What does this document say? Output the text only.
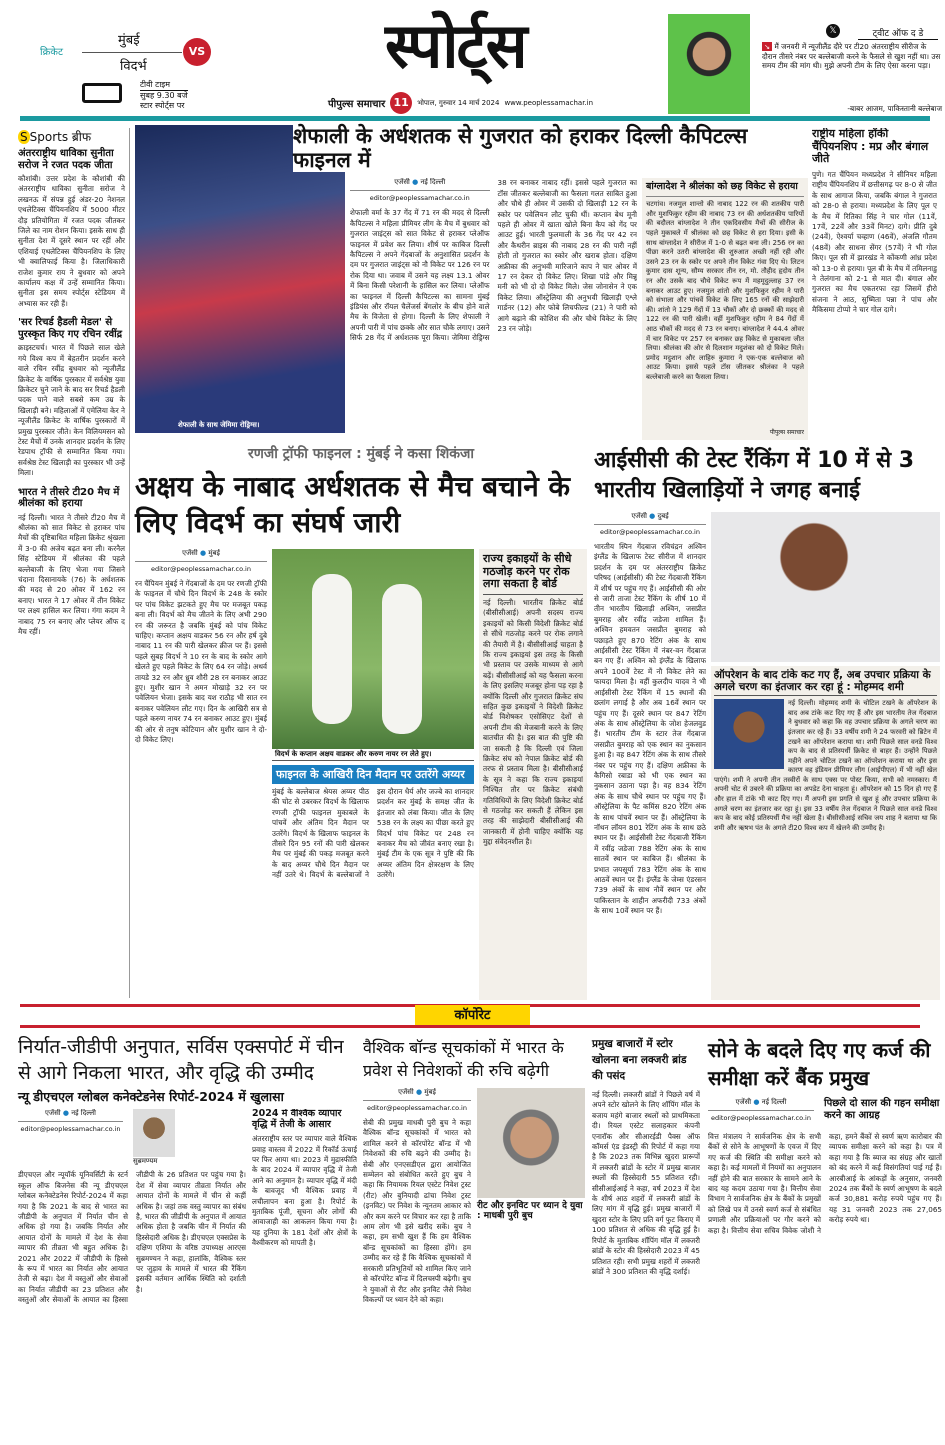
क्रिकेट
मुंबई
विदर्भ
VS
टीवी टाइम
सुबह 9.30 बजे
स्टार स्पोर्ट्स पर
स्पोर्ट्स
पीपुल्स समाचार 11	भोपाल, गुरुवार 14 मार्च 2024 www.peoplessamachar.in
𝕏	ट्वीट ऑफ द डे
↘ मैं जनवरी में न्यूजीलैंड दौरे पर टी20 अंतरराष्ट्रीय सीरीज के दौरान तीसरे नंबर पर बल्लेबाजी करने के फैसले से खुश नहीं था। उस समय टीम की मांग थी। मुझे अपनी टीम के लिए ऐसा करना पड़ा।
-बाबर आजम, पाकिस्तानी बल्लेबाज
S Sports ब्रीफ
अंतरराष्ट्रीय धाविका सुनीता सरोज ने रजत पदक जीता
कौशांबी। उत्तर प्रदेश के कौशांबी की अंतरराष्ट्रीय धाविका सुनीता सरोज ने लखनऊ में संपन्न हुई अंडर-20 नेशनल एथलेटिक्स चैंपियनशिप में 5000 मीटर दौड़ प्रतियोगिता में रजत पदक जीतकर जिले का नाम रोशन किया। इसके साथ ही सुनीता देश में दूसरे स्थान पर रहीं और एशियाई एथलेटिक्स चैंपियनशिप के लिए भी क्वालिफाई किया है। जिलाधिकारी राजेश कुमार राय ने बुधवार को अपने कार्यालय कक्ष में उन्हें सम्मानित किया। सुनीता इस समय स्पोर्ट्स स्टेडियम में अभ्यास कर रही हैं।
'सर रिचर्ड हैडली मेडल' से पुरस्कृत किए गए रचिन रवींद्र
क्राइस्टचर्च। भारत में पिछले साल खेले गये विश्व कप में बेहतरीन प्रदर्शन करने वाले रचिन रवींद्र बुधवार को न्यूजीलैंड क्रिकेट के वार्षिक पुरस्कार में सर्वश्रेष्ठ युवा क्रिकेटर चुने जाने के बाद सर रिचर्ड हैडली पदक पाने वाले सबसे कम उम्र के खिलाड़ी बने। महिलाओं में एमेलिया केर ने न्यूजीलैंड क्रिकेट के वार्षिक पुरस्कारों में प्रमुख पुरस्कार जीते। केन विलियमसन को टेस्ट मैचों में उनके शानदार प्रदर्शन के लिए रेडपाथ ट्रॉफी से सम्मानित किया गया। सर्वश्रेष्ठ टेस्ट खिलाड़ी का पुरस्कार भी उन्हें मिला।
भारत ने तीसरे टी20 मैच में श्रीलंका को हराया
नई दिल्ली। भारत ने तीसरे टी20 मैच में श्रीलंका को सात विकेट से हराकर पांच मैचों की दृष्टिबाधित महिला क्रिकेट श्रृंखला में 3-0 की अजेय बढ़त बना ली। करनैल सिंह स्टेडियम में श्रीलंका की पहले बल्लेबाजी के लिए भेजा गया जिसने चंदाना दिसानायके (76) के अर्धशतक की मदद से 20 ओवर में 162 रन बनाए। भारत ने 17 ओवर में तीन विकेट पर लक्ष्य हासिल कर लिया। गंगा कदम ने नाबाद 75 रन बनाए और प्लेयर ऑफ द मैच रहीं।
शेफाली के साथ जेमिमा रोड्रिग्स।
शेफाली के अर्धशतक से गुजरात को हराकर दिल्ली कैपिटल्स फाइनल में
एजेंसी ● नई दिल्ली
editor@peoplessamachar.co.in
शेफाली वर्मा के 37 गेंद में 71 रन की मदद से दिल्ली कैपिटल्स ने महिला प्रीमियर लीग के मैच में बुधवार को गुजरात जाइंट्स को सात विकेट से हराकर प्लेऑफ फाइनल में प्रवेश कर लिया। शीर्ष पर काबिज दिल्ली कैपिटल्स ने अपने गेंदबाजों के अनुशासित प्रदर्शन के दम पर गुजरात जाइंट्स को नौ विकेट पर 126 रन पर रोक दिया था। जवाब में उसने यह लक्ष्य 13.1 ओवर में बिना किसी परेशानी के हासिल कर लिया। प्लेऑफ का फाइनल में दिल्ली कैपिटल्स का सामना मुंबई इंडियंस और रॉयल चैलेंजर्स बेंगलोर के बीच होने वाले मैच के विजेता से होगा। दिल्ली के लिए शेफाली ने अपनी पारी में पांच छक्के और सात चौके लगाए। उसने सिर्फ 28 गेंद में अर्धशतक पूरा किया। जेमिमा रोड्रिग्स 38 रन बनाकर नाबाद रहीं। इससे पहले गुजरात का टॉस जीतकर बल्लेबाजी का फैसला गलत साबित हुआ और चौथे ही ओवर में उसकी दो खिलाड़ी 12 रन के स्कोर पर पवेलियन लौट चुकी थीं। कप्तान बेथ मूनी पहले ही ओवर में खाता खोले बिना कैप को गेंद पर आउट हुई। भारती फुलमाली के 36 गेंद पर 42 रन और कैथरीन ब्राइस की नाबाद 28 रन की पारी नहीं होती तो गुजरात का स्कोर और खराब होता। दक्षिण अफ्रीका की अनुभवी मारिजाने काप ने चार ओवर में 17 रन देकर दो विकेट लिए। शिखा पांडे और मिन्नू मनी को भी दो दो विकेट मिले। जेस जोनासेन ने एक विकेट लिया। ऑस्ट्रेलिया की अनुभवी खिलाड़ी एश्ले गार्डनर (12) और फोबे लिचफील्ड (21) ने पारी को आगे बढ़ाने की कोशिश की और चौथे विकेट के लिए 23 रन जोड़े।
बांग्लादेश ने श्रीलंका को छह विकेट से हराया
चटगांव। नजमुल शान्तो की नाबाद 122 रन की शतकीय पारी और मुशफिकुर रहीम की नाबाद 73 रन की अर्धशतकीय पारियों की बदौलत बांग्लादेश ने तीन एकदिवसीय मैचों की सीरीज के पहले मुकाबले में श्रीलंका को छह विकेट से हरा दिया। इसी के साथ बांग्लादेश ने सीरीज में 1-0 से बढ़त बना ली। 256 रन का पीछा करने उतरी बांग्लादेश की शुरुआत अच्छी नहीं रही और उसने 23 रन के स्कोर पर अपने तीन विकेट गंवा दिए थे। लिटन कुमार दास शून्य, सौम्य सरकार तीन रन, मो. तौहीद हृदोय तीन रन और उसके बाद चौथे विकेट रूप में महमूदुल्लाह 37 रन बनाकर आउट हुए। नजमुल शांतो और मुशफिकुर रहीम ने पारी को संभाला और पांचवें विकेट के लिए 165 रनों की साझेदारी की। शांतो ने 129 गेंदों में 13 चौकों और दो छक्कों की मदद से 122 रन की पारी खेली। वहीं मुशफिकुर रहीम ने 84 गेंदों में आठ चौकों की मदद से 73 रन बनाए। बांग्लादेश ने 44.4 ओवर में चार विकेट पर 257 रन बनाकर छह विकेट से मुकाबला जीत लिया। श्रीलंका की ओर से दिलशान मदुशंका को दो विकेट मिले। प्रमोद मदुशान और लाहिरु कुमारा ने एक-एक बल्लेबाज को आउट किया। इससे पहले टॉस जीतकर श्रीलंका ने पहले बल्लेबाजी करने का फैसला लिया।
पीपुल्स समाचार
राष्ट्रीय महिला हॉकी चैंपियनशिप : मप्र और बंगाल जीते
पुणे। गत चैंपियन मध्यप्रदेश ने सीनियर महिला राष्ट्रीय चैंपियनशिप में छत्तीसगढ़ पर 8-0 से जीत के साथ आगाज किया, जबकि बंगाल ने गुजरात को 28-0 से हराया। मध्यप्रदेश के लिए पूल ए के मैच में रितिका सिंह ने चार गोल (11वें, 17वें, 22वें और 33वें मिनट) दागे। प्रीति दुबे (24वें), ऐश्वर्या चव्हाण (46वें), अंजलि गौतम (48वें) और साधना सेंगर (57वें) ने भी गोल किए। पूल सी में झारखंड ने कोंकणी आंध्र प्रदेश को 13-0 से हराया। पूल बी के मैच में तमिलनाडु ने तेलंगाना को 2-1 से मात दी। बंगाल और गुजरात का मैच एकतरफा रहा जिसमें हीरो संजना ने आठ, सुष्मिता पन्ना ने पांच और मैकिसमा टोप्पो ने चार गोल दागे।
रणजी ट्रॉफी फाइनल : मुंबई ने कसा शिकंजा
अक्षय के नाबाद अर्धशतक से मैच बचाने के लिए विदर्भ का संघर्ष जारी
एजेंसी ● मुंबई
editor@peoplessamachar.co.in
रन चैंपियन मुंबई ने गेंदबाजों के दम पर रणजी ट्रॉफी के फाइनल में चौथे दिन विदर्भ के 248 के स्कोर पर पांच विकेट झटकते हुए मैच पर मजबूत पकड़ बना ली। विदर्भ को मैच जीतने के लिए अभी 290 रन की जरूरत है जबकि मुंबई को पांच विकेट चाहिए। कप्तान अक्षय वाडकर 56 रन और हर्ष दुबे नाबाद 11 रन की पारी खेलकर क्रीज पर हैं। इससे पहले सुबह विदर्भ ने 10 रन के बाद के स्कोर आगे खेलते हुए पहले विकेट के लिए 64 रन जोड़े। अथर्व तायडे 32 रन और ध्रुव शौरी 28 रन बनाकर आउट हुए। मुशीर खान ने अमन मोखाड़े 32 रन पर पवेलियन भेजा। इसके बाद यश राठौड़ भी सात रन बनाकर पवेलियन लौट गए। दिन के आखिरी सत्र से पहले करुण नायर 74 रन बनाकर आउट हुए। मुंबई की ओर से तनुष कोटियान और मुशीर खान ने दो-दो विकेट लिए।
विदर्भ के कप्तान अक्षय वाडकर और करुण नायर रन लेते हुए।
फाइनल के आखिरी दिन मैदान पर उतरेंगे अय्यर
मुंबई के बल्लेबाज श्रेयस अय्यर पीठ की चोट से उबरकर विदर्भ के खिलाफ रणजी ट्रॉफी फाइनल मुकाबले के पांचवें और अंतिम दिन मैदान पर उतरेंगे। विदर्भ के खिलाफ फाइनल के तीसरे दिन 95 रनों की पारी खेलकर मैच पर मुंबई की पकड़ मजबूत करने के बाद अय्यर चौथे दिन मैदान पर नहीं उतरे थे। विदर्भ के बल्लेबाजों ने इस दौरान धैर्य और जज्बे का शानदार प्रदर्शन कर मुंबई के समक्ष जीत के इंतजार को लंबा किया। जीत के लिए 538 रन के लक्ष्य का पीछा करते हुए विदर्भ पांच विकेट पर 248 रन बनाकर मैच को जीवंत बनाए रखा है। मुंबई टीम के एक सूत्र ने पुष्टि की कि अय्यर अंतिम दिन क्षेत्ररक्षण के लिए उतरेंगे।
राज्य इकाइयों के सीधे गठजोड़ करने पर रोक लगा सकता है बोर्ड
नई दिल्ली। भारतीय क्रिकेट बोर्ड (बीसीसीआई) अपनी सदस्य राज्य इकाइयों को किसी विदेशी क्रिकेट बोर्ड से सीधे गठजोड़ करने पर रोक लगाने की तैयारी में है। बीसीसीआई चाहता है कि राज्य इकाइयां इस तरह के किसी भी प्रस्ताव पर उसके माध्यम से आगे बढ़ें। बीसीसीआई को यह फैसला करना के लिए इसलिए मजबूर होना पड़ रहा है क्योंकि दिल्ली और गुजरात क्रिकेट संघ सहित कुछ इकाइयों ने विदेशी क्रिकेट बोर्ड विशेषकर एसोसिएट देशों से अपनी टीम की मेजबानी करने के लिए बातचीत की है। इस बात की पुष्टि की जा सकती है कि दिल्ली एवं जिला क्रिकेट संघ को नेपाल क्रिकेट बोर्ड की तरफ से प्रस्ताव मिला है। बीसीसीआई के सूत्र ने कहा कि राज्य इकाइयां निश्चित तौर पर क्रिकेट संबंधी गतिविधियों के लिए विदेशी क्रिकेट बोर्ड से गठजोड़ कर सकती हैं लेकिन इस तरह की साझेदारी बीसीसीआई की जानकारी में होनी चाहिए क्योंकि यह मुद्दा संवेदनशील है।
आईसीसी की टेस्ट रैंकिंग में 10 में से 3 भारतीय खिलाड़ियों ने जगह बनाई
एजेंसी ● दुबई
editor@peoplessamachar.co.in
भारतीय स्पिन गेंदबाज रविचंद्रन अश्विन इंग्लैंड के खिलाफ टेस्ट सीरीज में शानदार प्रदर्शन के दम पर अंतरराष्ट्रीय क्रिकेट परिषद (आईसीसी) की टेस्ट गेंदबाजी रैंकिंग में शीर्ष पर पहुंच गए हैं। आईसीसी की ओर से जारी ताजा टेस्ट रैंकिंग के शीर्ष 10 में तीन भारतीय खिलाड़ी अश्विन, जसप्रीत बुमराह और रवींद्र जडेजा शामिल हैं। अश्विन हमवतन जसप्रीत बुमराह को पछाड़ते हुए 870 रेटिंग अंक के साथ आईसीसी टेस्ट रैंकिंग में नंबर-वन गेंदबाज बन गए हैं। अश्विन को इंग्लैंड के खिलाफ अपने 100वें टेस्ट में नौ विकेट लेने का फायदा मिला है। वहीं कुलदीप यादव ने भी आईसीसी टेस्ट रैंकिंग में 15 स्थानों की छलांग लगाई है और अब 16वें स्थान पर पहुंच गए हैं। दूसरे स्थान पर 847 रेटिंग अंक के साथ ऑस्ट्रेलिया के जोश हेजलवुड हैं। भारतीय टीम के स्टार तेज गेंदबाज जसप्रीत बुमराह को एक स्थान का नुकसान हुआ है। वह 847 रेटिंग अंक के साथ तीसरे नंबर पर पहुंच गए हैं। दक्षिण अफ्रीका के कैगिसो रबाडा को भी एक स्थान का नुकसान उठाना पड़ा है। वह 834 रेटिंग अंक के साथ चौथे स्थान पर पहुंच गए हैं। ऑस्ट्रेलिया के पैट कमिंस 820 रेटिंग अंक के साथ पांचवें स्थान पर हैं। ऑस्ट्रेलिया के नॉथन लॉयन 801 रेटिंग अंक के साथ छठे स्थान पर हैं। आईसीसी टेस्ट गेंदबाजी रैंकिंग में रवींद्र जडेजा 788 रेटिंग अंक के साथ सातवें स्थान पर काबिज हैं। श्रीलंका के प्रभात जयसूर्या 783 रेटिंग अंक के साथ आठवें स्थान पर हैं। इंग्लैंड के जेम्स एंडरसन 739 अंकों के साथ नौवें स्थान पर और पाकिस्तान के शाहीन अफरीदी 733 अंकों के साथ 10वें स्थान पर हैं।
ऑपरेशन के बाद टांके कट गए हैं, अब उपचार प्रक्रिया के अगले चरण का इंतजार कर रहा हूं : मोहम्मद शमी
नई दिल्ली। मोहम्मद शमी के चोटिल टखने के ऑपरेशन के बाद अब टांके कट दिए गए हैं और इस भारतीय तेज गेंदबाज ने बुधवार को कहा कि वह उपचार प्रक्रिया के अगले चरण का इंतजार कर रहे हैं। 33 वर्षीय शमी ने 24 फरवरी को ब्रिटेन में टखने का ऑपरेशन कराया था। शमी पिछले साल वनडे विश्व कप के बाद से प्रतिस्पर्धी क्रिकेट से बाहर हैं। उन्होंने पिछले महीने अपने चोटिल टखने का ऑपरेशन कराया था और इस कारण वह इंडियन प्रीमियर लीग (आईपीएल) में भी नहीं खेल पाएंगे। शमी ने अपनी तीन तस्वीरों के साथ एक्स पर पोस्ट किया, सभी को नमस्कार। मैं अपनी चोट से उबरने की प्रक्रिया का अपडेट देना चाहता हूं। ऑपरेशन को 15 दिन हो गए हैं और हाल में टांके भी काट दिए गए। मैं अपनी इस प्रगति से खुश हूं और उपचार प्रक्रिया के अगले चरण का इंतजार कर रहा हूं। इस 33 वर्षीय तेज गेंदबाज ने पिछले साल वनडे विश्व कप के बाद कोई प्रतिस्पर्धी मैच नहीं खेला है। बीसीसीआई सचिव जय शाह ने बताया था कि शमी और ऋषभ पंत के अगले टी20 विश्व कप में खेलने की उम्मीद है।
कॉर्पोरेट
निर्यात-जीडीपी अनुपात, सर्विस एक्सपोर्ट में चीन से आगे निकला भारत, और वृद्धि की उम्मीद
न्यू डीएचएल ग्लोबल कनेक्टेडनेस रिपोर्ट-2024 में खुलासा
एजेंसी ● नई दिल्ली
editor@peoplessamachar.co.in
सुब्रमण्यम
डीएचएल और न्यूयॉर्क यूनिवर्सिटी के स्टर्न स्कूल ऑफ बिजनेस की न्यू डीएचएल ग्लोबल कनेक्टेडनेस रिपोर्ट-2024 में कहा गया है कि 2021 के बाद से भारत का जीडीपी के अनुपात में निर्यात चीन से अधिक हो गया है। जबकि निर्यात और आयात दोनों के मामले में देश के सेवा व्यापार की तीव्रता भी बहुत अधिक है। 2021 और 2022 में जीडीपी के हिस्से के रूप में भारत का निर्यात और आयात तेजी से बढ़ा। देश में वस्तुओं और सेवाओं का निर्यात जीडीपी का 23 प्रतिशत और वस्तुओं और सेवाओं के आयात का हिस्सा जीडीपी के 26 प्रतिशत पर पहुंच गया है। देश में सेवा व्यापार तीव्रता निर्यात और आयात दोनों के मामले में चीन से कहीं अधिक है। जहां तक वस्तु व्यापार का संबंध है, भारत की जीडीपी के अनुपात में आयात अधिक होता है जबकि चीन में निर्यात की हिस्सेदारी अधिक है। डीएचएल एक्सप्रेस के दक्षिण एशिया के वरिष्ठ उपाध्यक्ष आरएस सुब्रमण्यन ने कहा, हालांकि, वैश्विक स्तर पर जुड़ाव के मामले में भारत की रैंकिंग इसकी वर्तमान आर्थिक स्थिति को दर्शाती है।
2024 में वैश्विक व्यापार वृद्धि में तेजी के आसार
अंतरराष्ट्रीय स्तर पर व्यापार वाले वैश्विक प्रवाह वास्तव में 2022 में रिकॉर्ड ऊंचाई पर फिर आया था। 2023 में मुद्रास्फीति के बाद 2024 में व्यापार वृद्धि में तेजी आने का अनुमान है। व्यापार वृद्धि में मंदी के बावजूद भी वैश्विक प्रवाह में लचीलापन बना हुआ है। रिपोर्ट के मुताबिक पूंजी, सूचना और लोगों की आवाजाही का आकलन किया गया है। यह दुनिया के 181 देशों और क्षेत्रों के वैश्वीकरण को मापती है।
वैश्विक बॉन्ड सूचकांकों में भारत के प्रवेश से निवेशकों की रुचि बढ़ेगी
एजेंसी ● मुंबई
editor@peoplessamachar.co.in
सेबी की प्रमुख माधबी पुरी बुच ने कहा वैश्विक बॉन्ड सूचकांकों में भारत को शामिल करने से कॉरपोरेट बॉन्ड में भी निवेशकों की रुचि बढ़ने की उम्मीद है। सेबी और एनएसडीएल द्वारा आयोजित सम्मेलन को संबोधित करते हुए बुच ने कहा कि नियामक रियल एस्टेट निवेश ट्रस्ट (रीट) और बुनियादी ढांचा निवेश ट्रस्ट (इनविट) पर निवेश के न्यूनतम आकार को और कम करने पर विचार कर रहा है ताकि आम लोग भी इसे खरीद सकें। बुच ने कहा, हम सभी खुश हैं कि हम वैश्विक बॉन्ड सूचकांकों का हिस्सा होंगे। हम उम्मीद कर रहे हैं कि वैश्विक सूचकांकों में सरकारी प्रतिभूतियों को शामिल किए जाने से कॉरपोरेट बॉन्ड में दिलचस्पी बढ़ेगी। बुच ने युवाओं से रीट और इनविट जैसे निवेश विकल्पों पर ध्यान देने को कहा।
रीट और इनविट पर ध्यान दे युवा : माधबी पुरी बुच
प्रमुख बाजारों में स्टोर खोलना बना लक्जरी ब्रांड की पसंद
नई दिल्ली। लक्जरी ब्रांडों ने पिछले वर्ष में अपने स्टोर खोलने के लिए शॉपिंग मॉल के बजाय महंगे बाजार स्थलों को प्राथमिकता दी। रियल एस्टेट सलाहकार कंपनी एनारॉक और सीआरईडी पैक्स ऑफ कॉमर्स एंड इंडस्ट्री की रिपोर्ट में कहा गया है कि 2023 तक विभिन्न खुदरा प्रारूपों में लक्जरी ब्रांडों के स्टोर में प्रमुख बाजार स्थलों की हिस्सेदारी 55 प्रतिशत रही। सीसीआईआई ने कहा, वर्ष 2023 में देश के शीर्ष आठ शहरों में लक्जरी ब्रांडों के लिए मांग में वृद्धि हुई। प्रमुख बाजारों में खुदरा स्टोर के लिए प्रति वर्ग फुट किराए में 100 प्रतिशत से अधिक की वृद्धि हुई है। रिपोर्ट के मुताबिक शॉपिंग मॉल में लक्जरी ब्रांडों के स्टोर की हिस्सेदारी 2023 में 45 प्रतिशत रही। सभी प्रमुख शहरों में लक्जरी ब्रांडों ने 300 प्रतिशत की वृद्धि दर्शाई।
सोने के बदले दिए गए कर्ज की समीक्षा करें बैंक प्रमुख
एजेंसी ● नई दिल्ली
editor@peoplessamachar.co.in
पिछले दो साल की गहन समीक्षा करने का आग्रह
वित्त मंत्रालय ने सार्वजनिक क्षेत्र के सभी बैंकों से सोने के आभूषणों के एवज में दिए गए कर्ज की स्थिति की समीक्षा करने को कहा है। कई मामलों में नियमों का अनुपालन नहीं होने की बात सरकार के सामने आने के बाद यह कदम उठाया गया है। वित्तीय सेवा विभाग ने सार्वजनिक क्षेत्र के बैंकों के प्रमुखों को लिखे पत्र में उनसे स्वर्ण कर्ज से संबंधित प्रणाली और प्रक्रियाओं पर गौर करने को कहा है। वित्तीय सेवा सचिव विवेक जोशी ने कहा, हमने बैंकों से स्वर्ण ऋण कारोबार की व्यापक समीक्षा करने को कहा है। पत्र में कहा गया है कि ब्याज का संग्रह और खातों को बंद करने में कई विसंगतियां पाई गई हैं। आरबीआई के आंकड़ों के अनुसार, जनवरी 2024 तक बैंकों के स्वर्ण आभूषण के बदले कर्ज 30,881 करोड़ रुपये पहुंच गए हैं। यह 31 जनवरी 2023 तक 27,065 करोड़ रुपये था।
